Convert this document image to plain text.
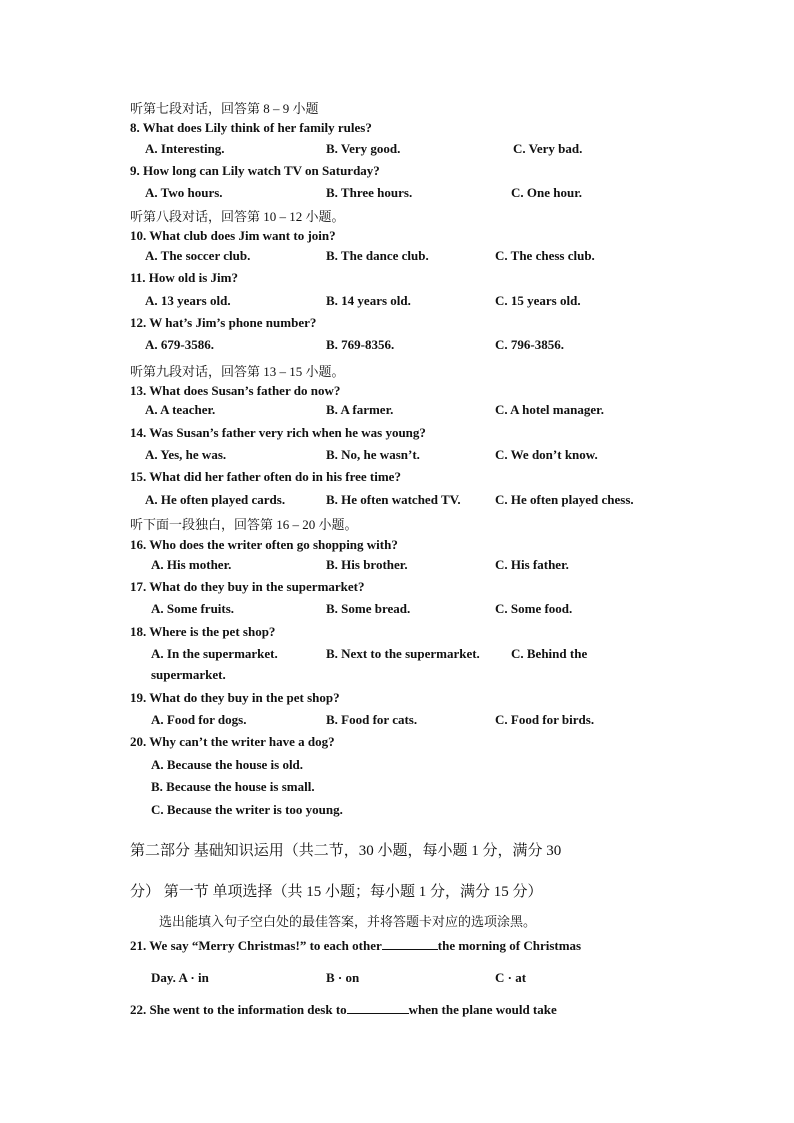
听第七段对话，回答第 8 – 9 小题
8. What does Lily think of her family rules?
A. Interesting.	B. Very good.	C. Very bad.
9. How long can Lily watch TV on Saturday?
A. Two hours.	B. Three hours.	C. One hour.
听第八段对话，回答第 10 – 12 小题。
10. What club does Jim want to join?
A. The soccer club.	B. The dance club.	C. The chess club.
11. How old is Jim?
A. 13 years old.	B. 14 years old.	C. 15 years old.
12. W hat’s Jim’s phone number?
A. 679-3586.	B. 769-8356.	C. 796-3856.
听第九段对话，回答第 13 – 15 小题。
13. What does Susan’s father do now?
A. A teacher.	B. A farmer.	C. A hotel manager.
14. Was Susan’s father very rich when he was young?
A. Yes, he was.	B. No, he wasn’t.	C. We don’t know.
15. What did her father often do in his free time?
A. He often played cards.	B. He often watched TV.	C. He often played chess.
听下面一段独白，回答第 16 – 20 小题。
16. Who does the writer often go shopping with?
A. His mother.	B. His brother.	C. His father.
17. What do they buy in the supermarket?
A. Some fruits.	B. Some bread.	C. Some food.
18. Where is the pet shop?
A. In the supermarket.	B. Next to the supermarket. C. Behind the
supermarket.
19. What do they buy in the pet shop?
A. Food for dogs.	B. Food for cats.	C. Food for birds.
20. Why can’t the writer have a dog?
A. Because the house is old.
B. Because the house is small.
C. Because the writer is too young.
第二部分 基础知识运用（共二节，30 小题，每小题 1 分，满分 30
分） 第一节 单项选择（共 15 小题；每小题 1 分，满分 15 分）
选出能填入句子空白处的最佳答案，并将答题卡对应的选项涂黑。
21. We say “Merry Christmas!” to each other	the morning of Christmas
Day. A · in	B · on	C · at
22. She went to the information desk to	when the plane would take
